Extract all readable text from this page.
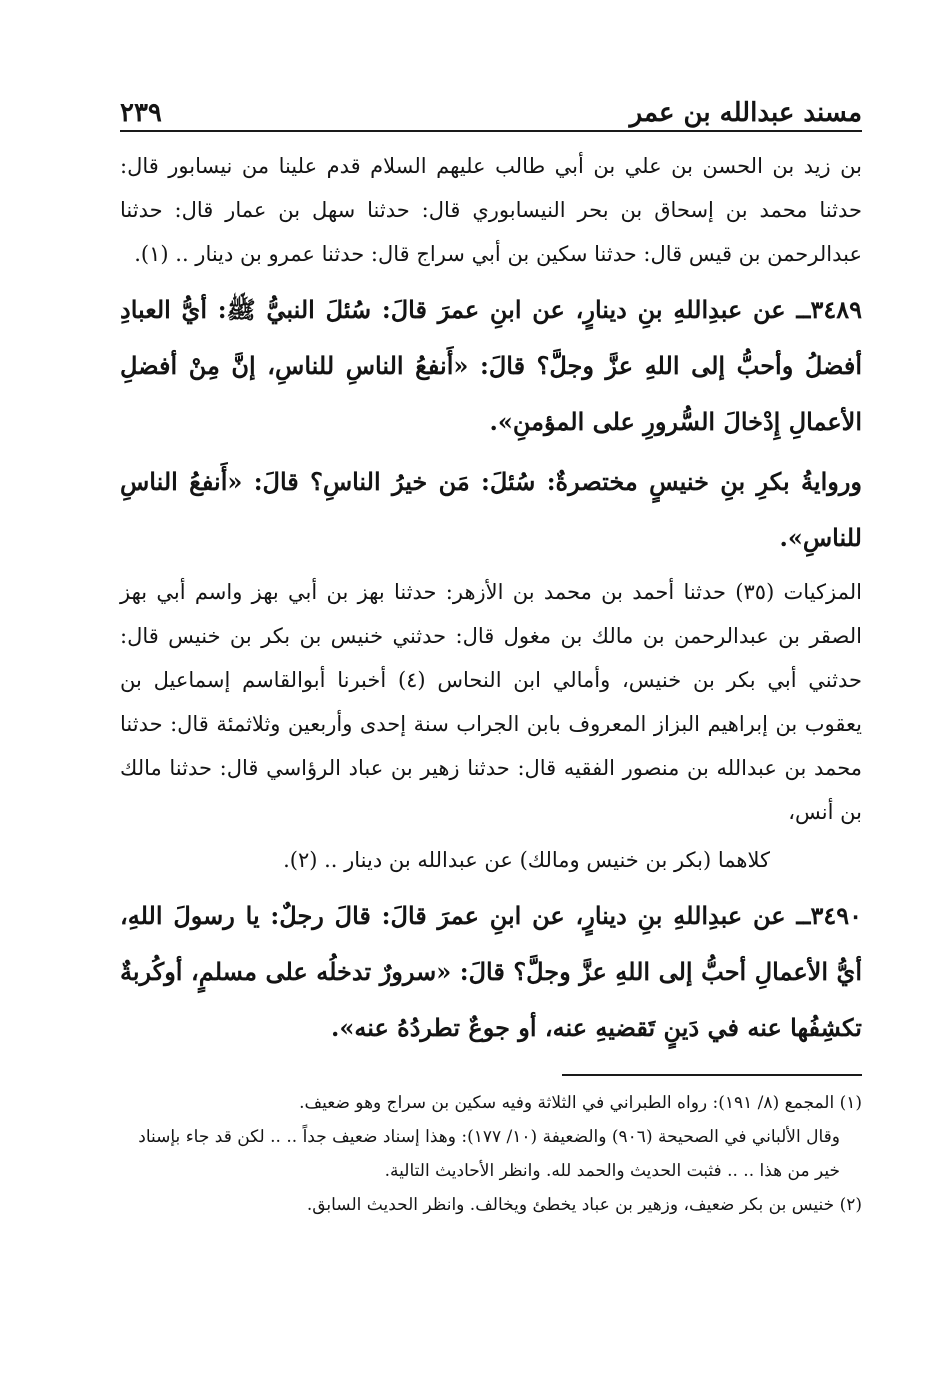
مسند عبدالله بن عمر
٢٣٩

بن زيد بن الحسن بن علي بن أبي طالب عليهم السلام قدم علينا من نيسابور قال: حدثنا محمد بن إسحاق بن بحر النيسابوري قال: حدثنا سهل بن عمار قال: حدثنا عبدالرحمن بن قيس قال: حدثنا سكين بن أبي سراج قال: حدثنا عمرو بن دينار .. (١).

٣٤٨٩ــ عن عبدِاللهِ بنِ دينارٍ، عن ابنِ عمرَ قالَ: سُئلَ النبيُّ ﷺ: أيُّ العبادِ أفضلُ وأحبُّ إلى اللهِ عزَّ وجلَّ؟ قالَ: «أَنفعُ الناسِ للناسِ، إنَّ مِنْ أفضلِ الأعمالِ إِدْخالَ السُّرورِ على المؤمنِ».

وروايةُ بكرِ بنِ خنيسٍ مختصرةٌ: سُئلَ: مَن خيرُ الناسِ؟ قالَ: «أَنفعُ الناسِ للناسِ».

المزكيات (٣٥) حدثنا أحمد بن محمد بن الأزهر: حدثنا بهز بن أبي بهز واسم أبي بهز الصقر بن عبدالرحمن بن مالك بن مغول قال: حدثني خنيس بن بكر بن خنيس قال: حدثني أبي بكر بن خنيس، وأمالي ابن النحاس (٤) أخبرنا أبوالقاسم إسماعيل بن يعقوب بن إبراهيم البزاز المعروف بابن الجراب سنة إحدى وأربعين وثلاثمئة قال: حدثنا محمد بن عبدالله بن منصور الفقيه قال: حدثنا زهير بن عباد الرؤاسي قال: حدثنا مالك بن أنس،

كلاهما (بكر بن خنيس ومالك) عن عبدالله بن دينار .. (٢).

٣٤٩٠ــ عن عبدِاللهِ بنِ دينارٍ، عن ابنِ عمرَ قالَ: قالَ رجلٌ: يا رسولَ اللهِ، أيُّ الأعمالِ أحبُّ إلى اللهِ عزَّ وجلَّ؟ قالَ: «سرورٌ تدخلُه على مسلمٍ، أوكُربةٌ تكشِفُها عنه في دَينٍ تَقضيهِ عنه، أو جوعٌ تطردُهُ عنه».

(١) المجمع (٨/ ١٩١): رواه الطبراني في الثلاثة وفيه سكين بن سراج وهو ضعيف.

وقال الألباني في الصحيحة (٩٠٦) والضعيفة (١٠/ ١٧٧): وهذا إسناد ضعيف جداً .. .. لكن قد جاء بإسناد خير من هذا .. .. فثبت الحديث والحمد لله. وانظر الأحاديث التالية.

(٢) خنيس بن بكر ضعيف، وزهير بن عباد يخطئ ويخالف. وانظر الحديث السابق.
